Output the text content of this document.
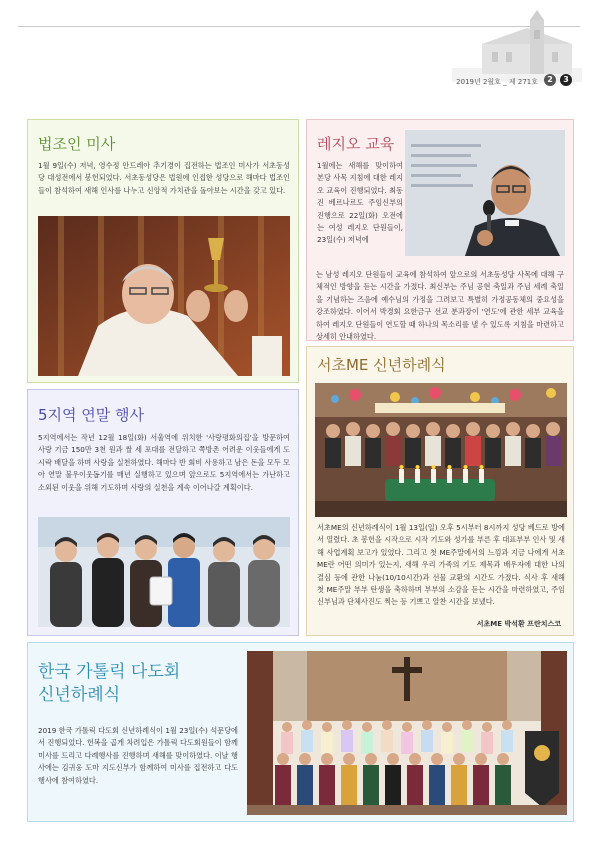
2019년 2월호 _ 제 271호	2	3
법조인 미사

1월 9일(수) 저녁, 영수정 안드레아 추기경이 집전하는 법조인 미사가 서초동성당 대성전에서 봉헌되었다. 서초동성당은 법원에 인접한 성당으로 해마다 법조인들이 참석하여 새해 인사를 나누고 신앙적 가치관을 돌아보는 시간을 갖고 있다.

레지오 교육

1월에는 새해를 맞이하여 본당 사목 지침에 대한 레지오 교육이 진행되었다. 최동진 베르나르도 주임신부의 진행으로 22일(화) 오전에는 여성 레지오 단원들이, 23일(수) 저녁에

서초ME 신년하례식

서초ME의 신년하례식이 1월 13일(일) 오후 5시부터 8시까지 성당 베드로 방에서 열렸다. 초 봉헌을 시작으로 시작 기도와 성가를 부른 후 대표부부 인사 및 새해 사업계획 보고가 있었다. 그리고 첫 ME주말에서의 느낌과 지금 나에게 서초ME란 어떤 의미가 있는지, 새해 우리 가족의 기도 제목과 배우자에 대한 나의 결심 등에 관한 나눔(10/10시간)과 선물 교환의 시간도 가졌다. 식사 후 새해 첫 ME주말 부부 탄생을 축하하며 부부의 소감을 듣는 시간을 마련하였고, 주임 신부님과 단체사진도 찍는 등 기쁘고 알찬 시간을 보냈다.

서초ME 박석환 프란치스코

는 남성 레지오 단원들이 교육에 참석하여 앞으로의 서초동성당 사목에 대해 구체적인 방향을 듣는 시간을 가졌다. 최신부는 주님 공현 축일과 주님 세례 축일을 기념하는 즈음에 예수님의 가정을 그려보고 특별히 가정공동체의 중요성을 강조하였다. 이어서 박경회 요한금구 선교 분과장이 '연도'에 관한 세부 교육을 하여 레지오 단원들이 연도할 때 하나의 목소리를 낼 수 있도록 지침을 마련하고 상세히 안내하였다.

5지역 연말 행사

5지역에서는 작년 12월 18일(화) 서울역에 위치한 '사랑평화의집'을 방문하여 사랑 기금 150만 3천 원과 쌀 세 포대를 전달하고 쪽방촌 어려운 이웃들에게 도시락 배달을 하며 사랑을 실천하였다. 해마다 반 회비 사용하고 남은 돈을 모두 모아 연말 불우이웃돕기를 매년 실행하고 있으며 앞으로도 5지역에서는 가난하고 소외된 이웃을 위해 기도하며 사랑의 실천을 계속 이어나갈 계획이다.

한국 가톨릭 다도회
신년하례식

2019 한국 가톨릭 다도회 신년하례식이 1월 23일(수) 석문당에서 진행되었다. 헌복을 곱게 차려입은 가톨릭 다도회원들이 함께 미사를 드리고 다례행사를 진행하며 새해를 맞이하였다. 이날 행사에는 김귀웅 도마 지도신부가 함께하여 미사를 집전하고 다도 행사에 참여하였다.
